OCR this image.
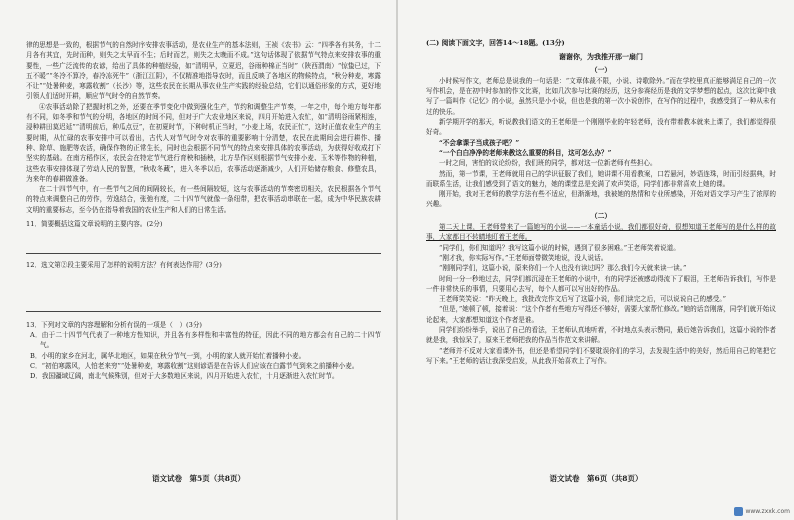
律的思想是一致的，根据节气的自然时序安排农事活动，是农业生产的基本法则，王祯《农书》云：“四季各有其务，十二月各有其宜，先时而种，则失之太早而不生；后时而艺，则失之太晚而不成。”这句话体现了依据节气特点来安排农事的重要性，一些广泛流传的农谚，给出了具体的种植经验，如“清明早，立夏迟，谷雨种棉正当时”（陕西渭南）“惊蛰已过，下五不暖”“冬冷不算冷，春冷冻死牛”（浙江江阴），不仅精准地指导农时，而且反映了各地区的物候特点，“秋分种麦，寒露不让”“处暑种麦，寒露收割”（长沙）等，这些农民在长期从事农业生产实践的经验总结，它们以通俗形象的方式，更好地引领人们适时开耕，顺应节气时令的自然节奏。

④农事活动除了把握时机之外，还要在季节变化中做到强化生产，节约和调整生产节奏，一年之中，每个地方每年都有不同，如冬季和节气的分明，各地区的时间不同，但对于广大农业地区来说，四月开始进入农忙，如“清明谷雨紧相连，浸种耕田莫迟延”“清明前后，种瓜点豆”，在初夏时节，下种时机正当时，“小麦上场，农民正忙”，这时正值农业生产的主要时期，从忙碌的农事安排中可以看出，古代人对节气时令对农事的重要影响十分清楚，农民在此期间会进行耕作、播种、除草、施肥等农活，确保作物的正常生长，同时也会根据不同节气的特点来安排具体的农事活动，为获得好收成打下坚实的基础。在南方稻作区，农民会在特定节气进行育秧和插秧，北方旱作区则根据节气安排小麦、玉米等作物的种植，这些农事安排体现了劳动人民的智慧，“秋收冬藏”，进入冬季以后，农事活动逐渐减少，人们开始储存粮食、修整农具，为来年的春耕做准备。

在二十四节气中，有一些节气之间的间隔较长，有一些间隔较短，这与农事活动的节奏密切相关，农民根据各个节气的特点来调整自己的劳作，劳逸结合，张弛有度，二十四节气就像一条纽带，把农事活动串联在一起，成为中华民族农耕文明的重要标志，至今仍在指导着我国的农业生产和人们的日常生活。

11．简要概括这篇文章说明的主要内容。(2分)

12．选文第②段主要采用了怎样的说明方法？有何表达作用？(3分)

13．下列对文章的内容理解和分析有误的一项是（　）(3分)

A．由于二十四节气代表了一种地方性知识，并且各有多样性和丰富性的特征，因此不同的地方都会有自己的二十四节气。

B．小明的家乡在河北，属华北地区，如果在秋分节气一到，小明的家人就开始忙着播种小麦。

C．“初伯寒露风，人怕老来穷”“处暑种麦，寒露收割”这则谚语是在告诉人们应该在白露节气到来之前播种小麦。

D．我国疆域辽阔，南北气候殊别，但对于大多数地区来说，四月开始进入农忙，十月逐渐进入农忙时节。

语文试卷　第5页（共8页）

(二) 阅读下面文字，回答14～18题。(13分)

谢谢你，为我推开那一扇门

（一）

小时候写作文，老师总是说我的一句话是：“文章体裁不限，小说、诗歌除外。”而在学校里真正能够满足自己的一次写作机会，是在初中时参加的作文比赛，比如几次参与比赛的经历，这分参赛经历是我的文学梦想的起点，这次比赛中我写了一篇叫作《记忆》的小说，虽然只是小小说，但也是我的第一次小说创作，在写作的过程中，我感受到了一种从未有过的快乐。

新学期开学的那天，听说教我们语文的王老师是一个刚刚毕业的年轻老师，没有带着教本就来上课了，我们都觉得很好奇。

“不会拿课子当成孩子吧？”

“一个白白净净的老师来教这么重要的科目，这可怎么办？”

一时之间，害怕的议论纷纷，我们班的同学，都对这一位新老师有些担心。

然而，第一节课，王老师就用自己的学识征服了我们，她讲课不用看教案，口若悬河，妙语连珠，时而引经据典，时而联系生活，让我们感受到了语文的魅力，她的课堂总是充满了欢声笑语，同学们都非常喜欢上她的课。

刚开始，我对王老师的教学方法有些不适应，但渐渐地，我被她的热情和专业所感染，开始对语文学习产生了浓厚的兴趣。

（二）

第二天上课，王老师带来了一篇她写的小说——一本童话小说，我们都很好奇，很想知道王老师写的是什么样的故事，大家都目不转睛地盯着王老师。

“同学们，你们知道吗？我写这篇小说的时候，遇到了很多困难。”王老师笑着说道。

“刚才我，你实际写作。”王老师面带微笑地说，没人说话。

“刚刚同学们，这篇小说，原来你们一个人也没有读过吗？那么我们今天就来读一读。”

时间一分一秒地过去，同学们都沉浸在王老师的小说中，有的同学还被感动得流下了眼泪，王老师告诉我们，写作是一件非常快乐的事情，只要用心去写，每个人都可以写出好的作品。

王老师笑笑说：“昨天晚上，我批改完作文后写了这篇小说，你们读完之后，可以说说自己的感受。”

“但是，”她顿了顿，接着说：“这个作者有些地方写得还不够好，需要大家帮忙修改。”她的话音刚落，同学们就开始议论起来，大家都想知道这个作者是谁。

同学们纷纷举手，说出了自己的看法，王老师认真地听着，不时地点头表示赞同，最后她告诉我们，这篇小说的作者就是我，我惊呆了，原来王老师把我的作品当作范文来讲解。

“老师并不反对大家看课外书，但还是希望同学们不要耽误你们的学习，去发现生活中的美好，然后用自己的笔把它写下来。”王老师的话让我深受启发，从此我开始喜欢上了写作。

语文试卷　第6页（共8页）
www.zxxk.com
